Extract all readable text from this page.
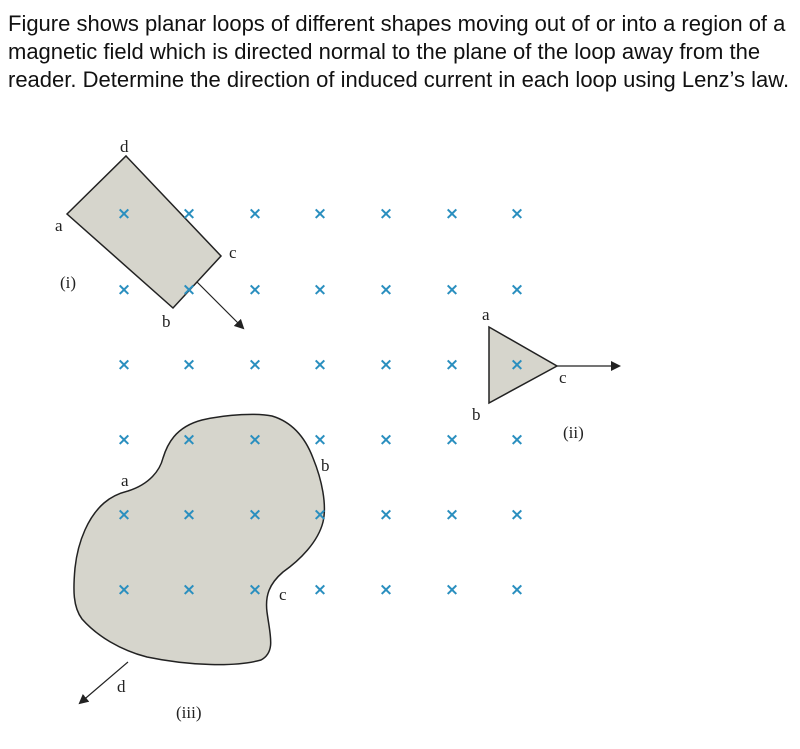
Figure shows planar loops of different shapes moving out of or into a region of a magnetic field which is directed normal to the plane of the loop away from the reader. Determine the direction of induced current in each loop using Lenz’s law.

×	×	×	×	×	×	×
×	×	×	×	×	×	×
×	×	×	×	×	×	×
×	×	×	×	×	×	×
×	×	×	×	×	×	×
×	×	×	×	×	×	×
d
a
c
b
(i)
a
c
b
(ii)
b
a
c
d
(iii)
